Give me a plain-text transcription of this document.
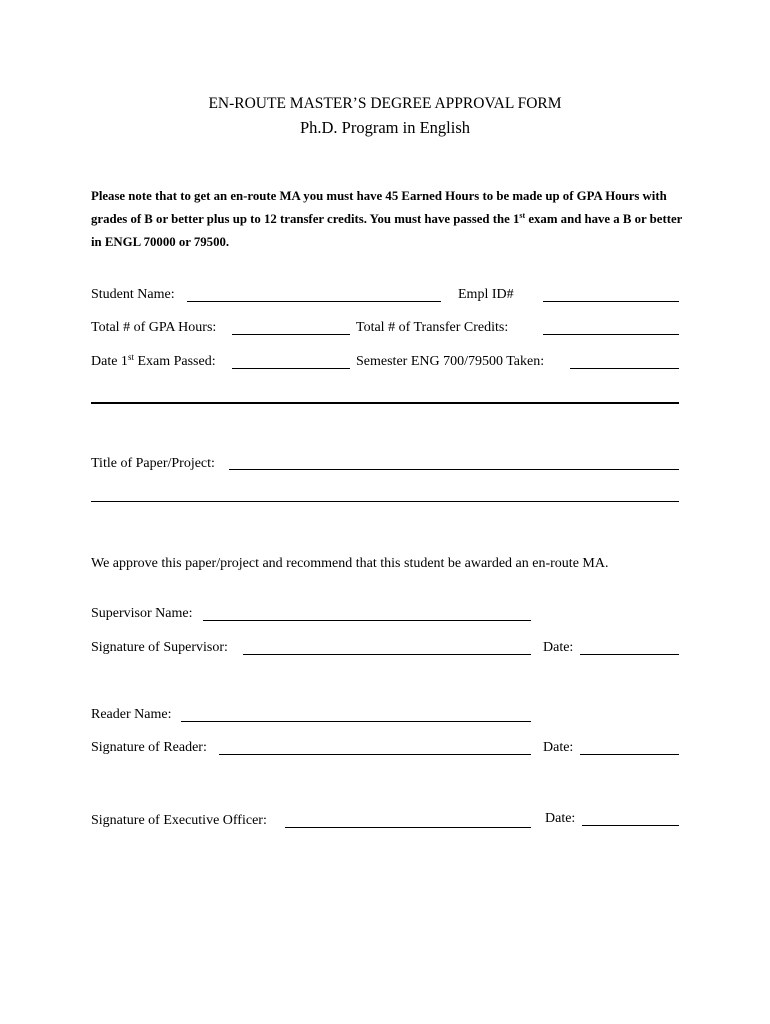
EN-ROUTE MASTER’S DEGREE APPROVAL FORM
Ph.D. Program in English
Please note that to get an en-route MA you must have 45 Earned Hours to be made up of GPA Hours with grades of B or better plus up to 12 transfer credits. You must have passed the 1st exam and have a B or better in ENGL 70000 or 79500.
Student Name:	Empl ID#
Total # of GPA Hours:	Total # of Transfer Credits:
Date 1st Exam Passed:	Semester ENG 700/79500 Taken:
Title of Paper/Project:
We approve this paper/project and recommend that this student be awarded an en-route MA.
Supervisor Name:
Signature of Supervisor:	Date:
Reader Name:
Signature of Reader:	Date:
Signature of Executive Officer:	Date:
